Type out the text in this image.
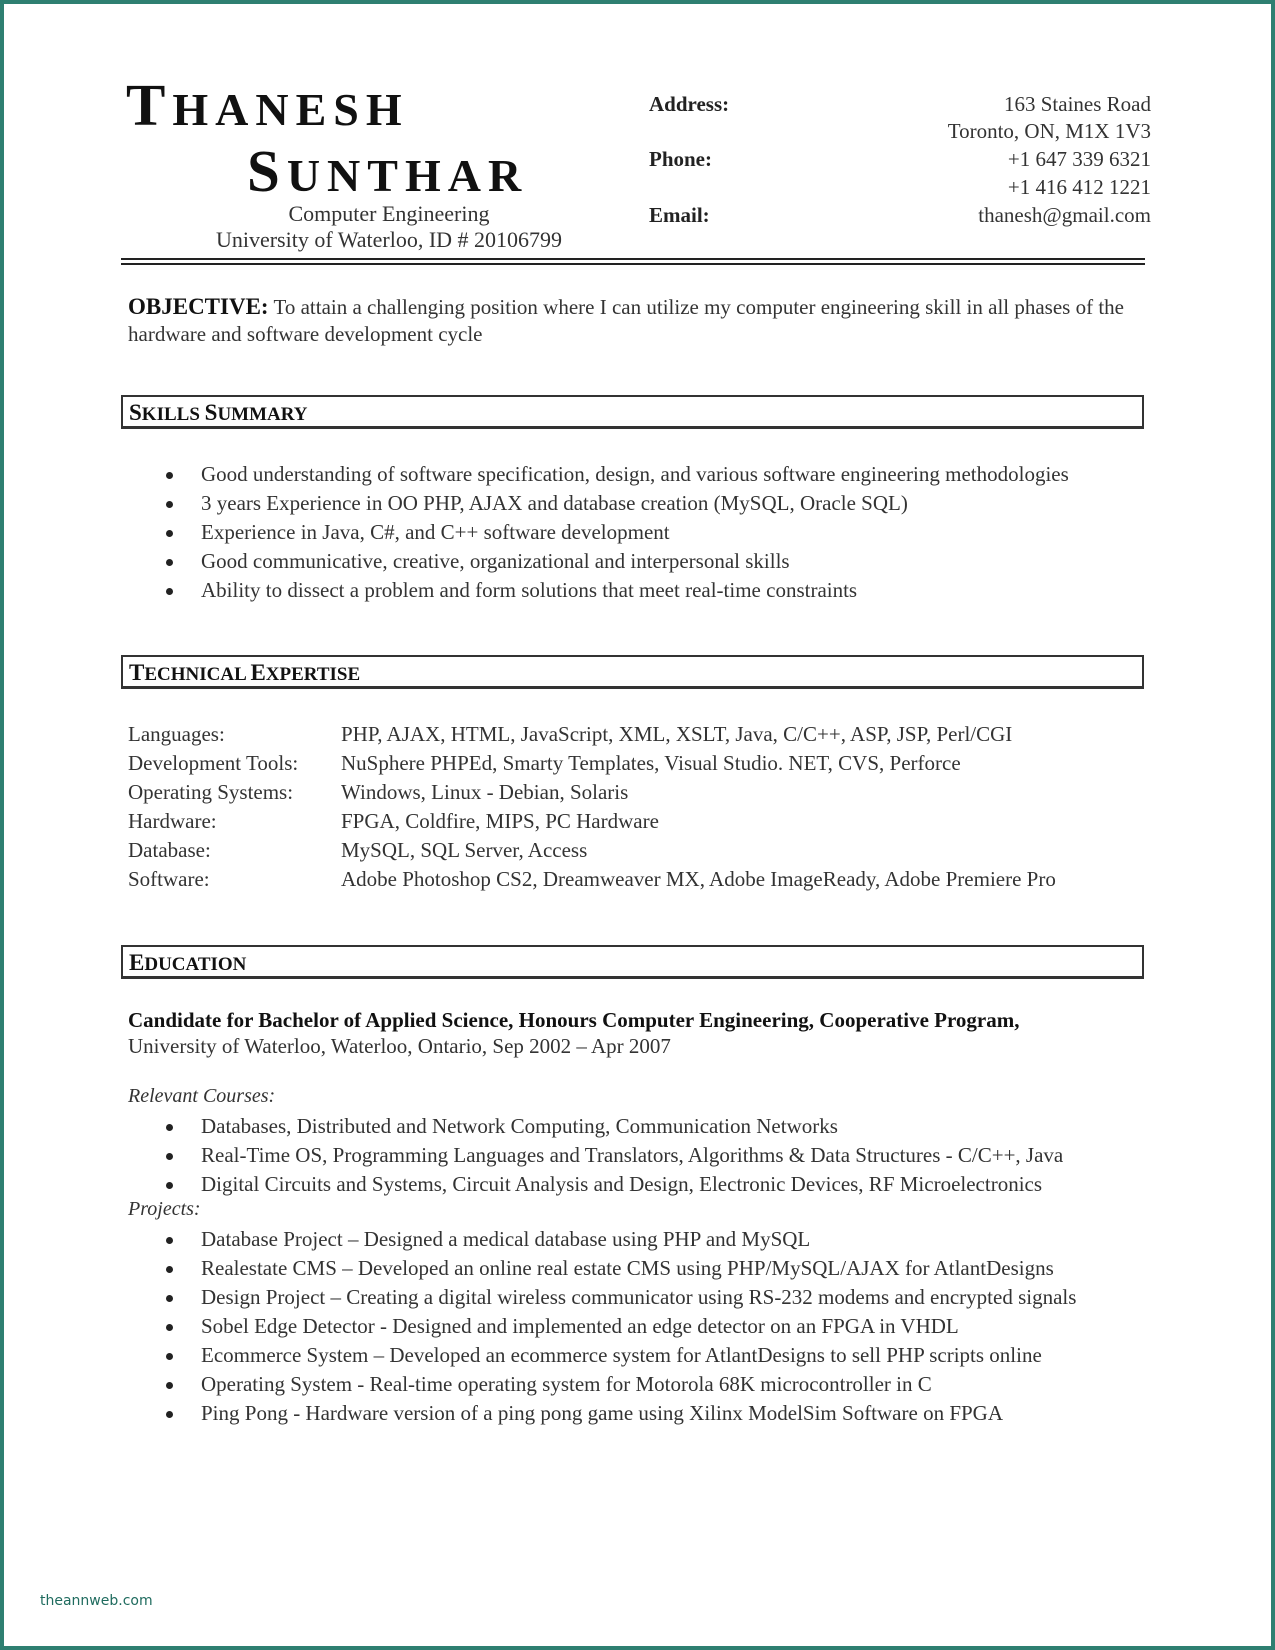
THANESH
SUNTHAR
Computer Engineering
University of Waterloo, ID # 20106799
Address:	163 Staines Road
Toronto, ON, M1X 1V3
Phone:	+1 647 339 6321
+1 416 412 1221
Email:	thanesh@gmail.com
OBJECTIVE: To attain a challenging position where I can utilize my computer engineering skill in all phases of the hardware and software development cycle
SKILLS SUMMARY
Good understanding of software specification, design, and various software engineering methodologies
3 years Experience in OO PHP, AJAX and database creation (MySQL, Oracle SQL)
Experience in Java, C#, and C++ software development
Good communicative, creative, organizational and interpersonal skills
Ability to dissect a problem and form solutions that meet real-time constraints
TECHNICAL EXPERTISE
Languages:	PHP, AJAX, HTML, JavaScript, XML, XSLT, Java, C/C++, ASP, JSP, Perl/CGI
Development Tools: NuSphere PHPEd, Smarty Templates, Visual Studio. NET, CVS, Perforce
Operating Systems: Windows, Linux - Debian, Solaris
Hardware:	FPGA, Coldfire, MIPS, PC Hardware
Database:	MySQL, SQL Server, Access
Software:	Adobe Photoshop CS2, Dreamweaver MX, Adobe ImageReady, Adobe Premiere Pro
EDUCATION
Candidate for Bachelor of Applied Science, Honours Computer Engineering, Cooperative Program,
University of Waterloo, Waterloo, Ontario, Sep 2002 – Apr 2007
Relevant Courses:
Databases, Distributed and Network Computing, Communication Networks
Real-Time OS, Programming Languages and Translators, Algorithms & Data Structures - C/C++, Java
Digital Circuits and Systems, Circuit Analysis and Design, Electronic Devices, RF Microelectronics
Projects:
Database Project – Designed a medical database using PHP and MySQL
Realestate CMS – Developed an online real estate CMS using PHP/MySQL/AJAX for AtlantDesigns
Design Project – Creating a digital wireless communicator using RS-232 modems and encrypted signals
Sobel Edge Detector - Designed and implemented an edge detector on an FPGA in VHDL
Ecommerce System – Developed an ecommerce system for AtlantDesigns to sell PHP scripts online
Operating System - Real-time operating system for Motorola 68K microcontroller in C
Ping Pong - Hardware version of a ping pong game using Xilinx ModelSim Software on FPGA
theannweb.com
